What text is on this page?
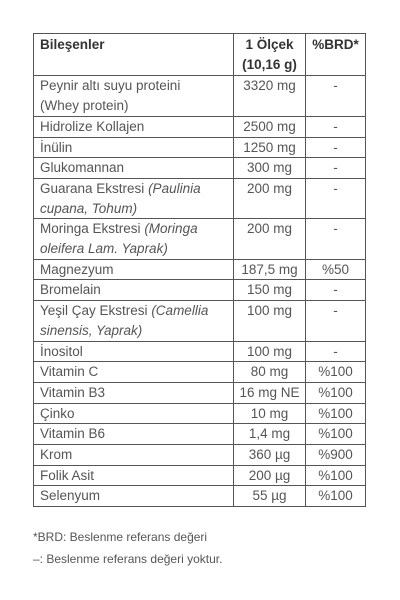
Bileşenler	1 Ölçek (10,16 g)	%BRD*
Peynir altı suyu proteini (Whey protein)	3320 mg	-
Hidrolize Kollajen	2500 mg	-
İnülin	1250 mg	-
Glukomannan	300 mg	-
Guarana Ekstresi (Paulinia cupana, Tohum)	200 mg	-
Moringa Ekstresi (Moringa oleifera Lam. Yaprak)	200 mg	-
Magnezyum	187,5 mg	%50
Bromelain	150 mg	-
Yeşil Çay Ekstresi (Camellia sinensis, Yaprak)	100 mg	-
İnositol	100 mg	-
Vitamin C	80 mg	%100
Vitamin B3	16 mg NE	%100
Çinko	10 mg	%100
Vitamin B6	1,4 mg	%100
Krom	360 µg	%900
Folik Asit	200 µg	%100
Selenyum	55 µg	%100

*BRD: Beslenme referans değeri

–: Beslenme referans değeri yoktur.
